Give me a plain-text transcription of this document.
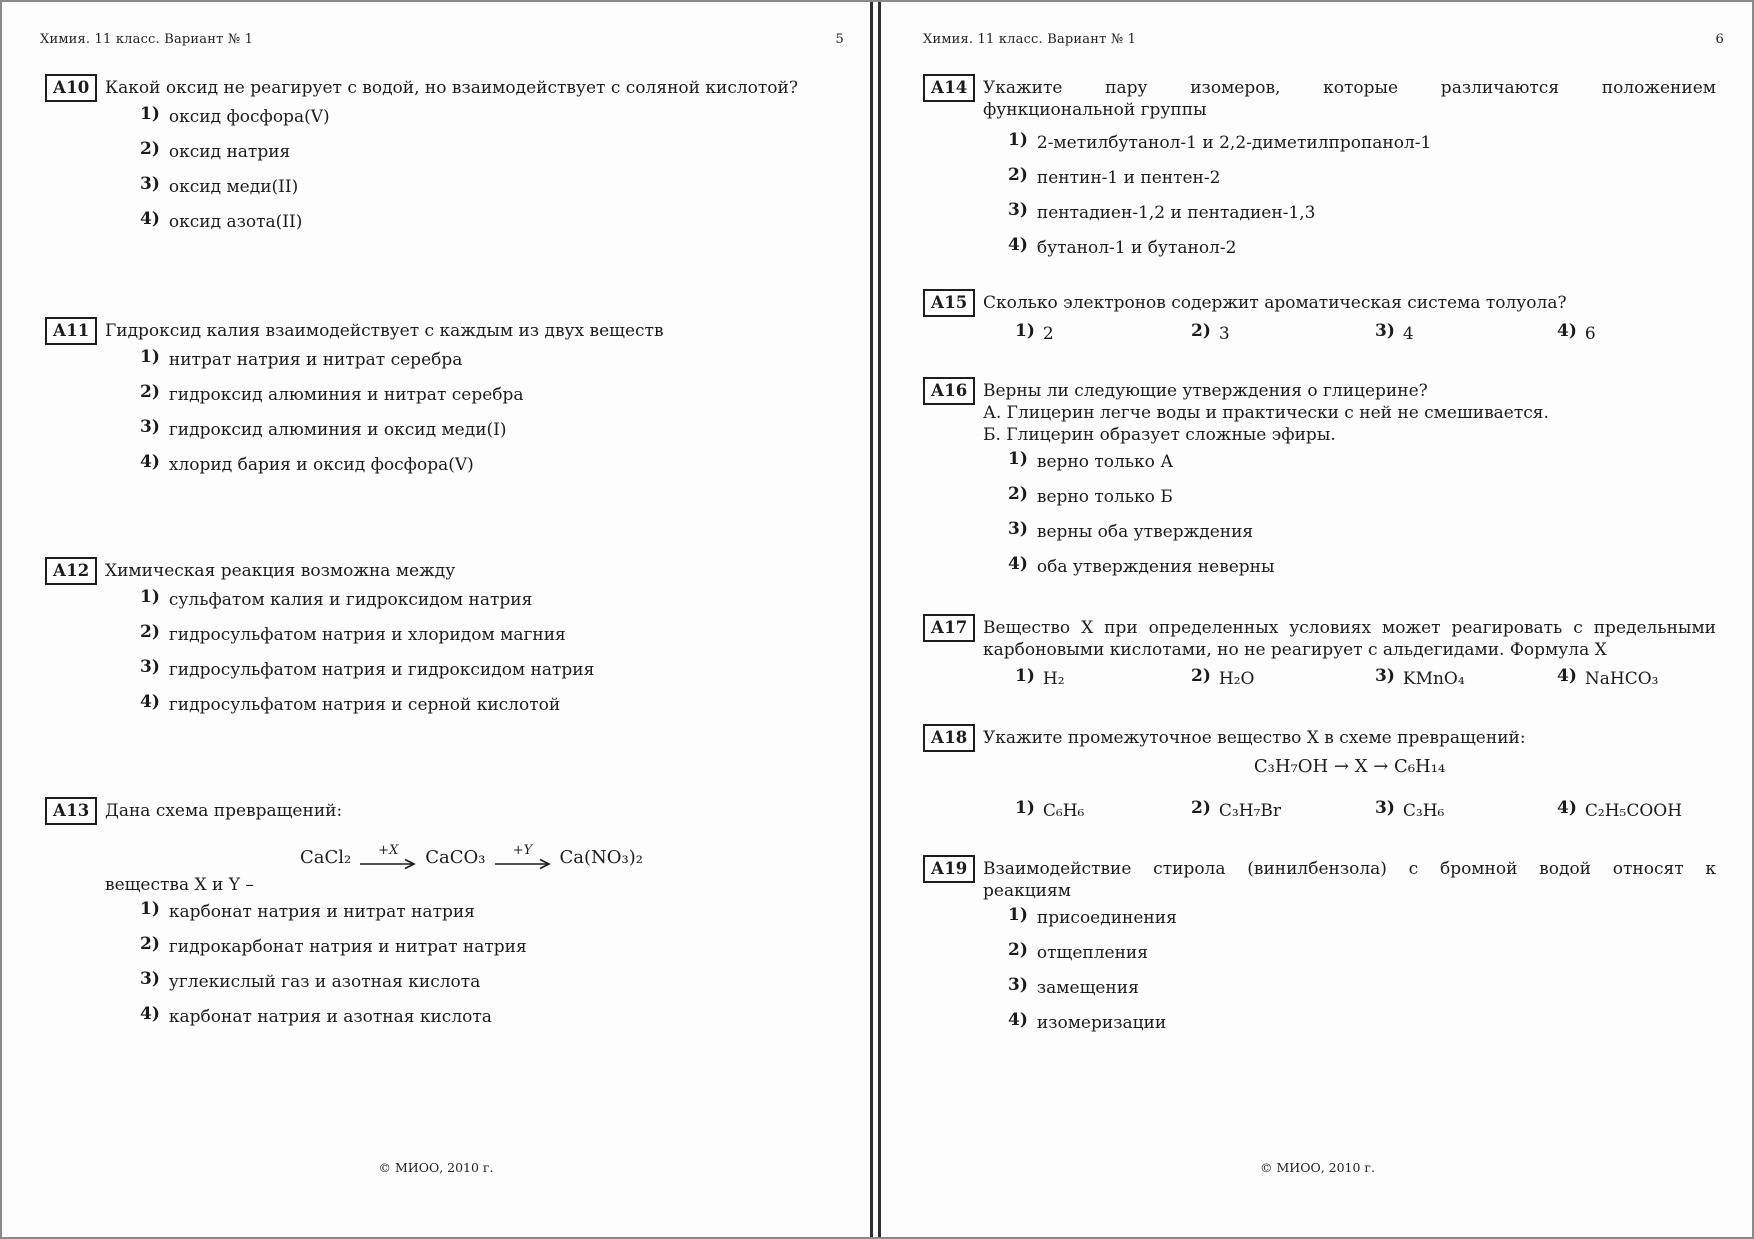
Химия. 11 класс. Вариант № 1	5
А10 Какой оксид не реагирует с водой, но взаимодействует с соляной кислотой?
1) оксид фосфора(V)
2) оксид натрия
3) оксид меди(II)
4) оксид азота(II)
А11 Гидроксид калия взаимодействует с каждым из двух веществ
1) нитрат натрия и нитрат серебра
2) гидроксид алюминия и нитрат серебра
3) гидроксид алюминия и оксид меди(I)
4) хлорид бария и оксид фосфора(V)
А12 Химическая реакция возможна между
1) сульфатом калия и гидроксидом натрия
2) гидросульфатом натрия и хлоридом магния
3) гидросульфатом натрия и гидроксидом натрия
4) гидросульфатом натрия и серной кислотой
А13 Дана схема превращений:
CaCl₂ +X CaCO₃ +Y Ca(NO₃)₂
вещества X и Y –
1) карбонат натрия и нитрат натрия
2) гидрокарбонат натрия и нитрат натрия
3) углекислый газ и азотная кислота
4) карбонат натрия и азотная кислота
© МИОО, 2010 г.
Химия. 11 класс. Вариант № 1	6
А14 Укажите пару изомеров, которые различаются положением
функциональной группы
1) 2-метилбутанол-1 и 2,2-диметилпропанол-1
2) пентин-1 и пентен-2
3) пентадиен-1,2 и пентадиен-1,3
4) бутанол-1 и бутанол-2
А15 Сколько электронов содержит ароматическая система толуола?
1) 2	2) 3	3) 4	4) 6
А16 Верны ли следующие утверждения о глицерине?
А. Глицерин легче воды и практически с ней не смешивается.
Б. Глицерин образует сложные эфиры.
1) верно только А
2) верно только Б
3) верны оба утверждения
4) оба утверждения неверны
А17 Вещество X при определенных условиях может реагировать с предельными
карбоновыми кислотами, но не реагирует с альдегидами. Формула X
1) H₂	2) H₂O	3) KMnO₄	4) NaHCO₃
А18 Укажите промежуточное вещество X в схеме превращений:
C₃H₇OH → X → C₆H₁₄
1) C₆H₆	2) C₃H₇Br	3) C₃H₆	4) C₂H₅COOH
А19 Взаимодействие стирола (винилбензола) с бромной водой относят к
реакциям
1) присоединения
2) отщепления
3) замещения
4) изомеризации
© МИОО, 2010 г.
